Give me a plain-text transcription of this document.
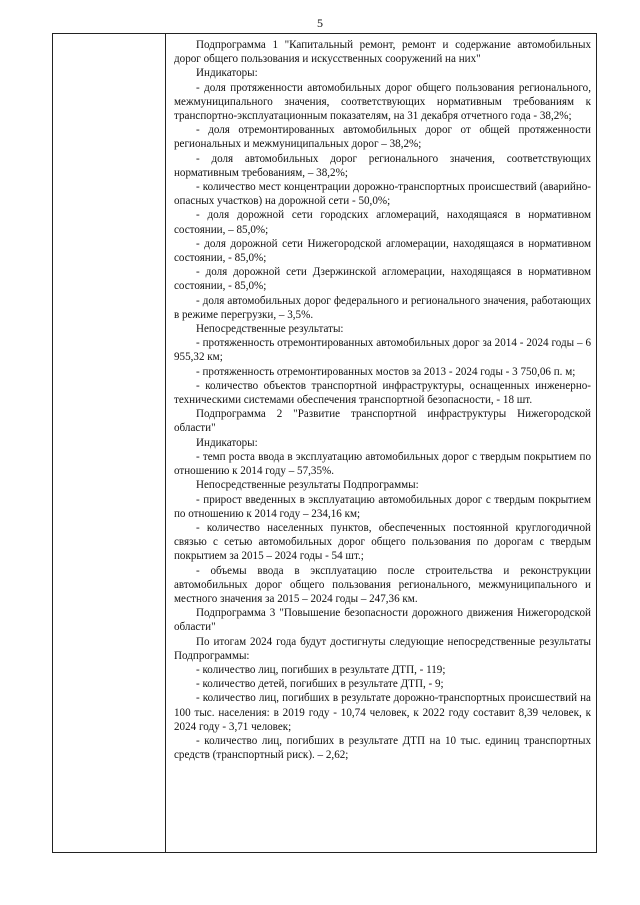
5

Подпрограмма 1 "Капитальный ремонт, ремонт и содержание автомобильных дорог общего пользования и искусственных сооружений на них"

Индикаторы:

- доля протяженности автомобильных дорог общего пользования регионального, межмуниципального значения, соответствующих нормативным требованиям к транспортно-эксплуатационным показателям, на 31 декабря отчетного года - 38,2%;

- доля отремонтированных автомобильных дорог от общей протяженности региональных и межмуниципальных дорог – 38,2%;

- доля автомобильных дорог регионального значения, соответствующих нормативным требованиям, – 38,2%;

- количество мест концентрации дорожно-транспортных происшествий (аварийно-опасных участков) на дорожной сети - 50,0%;

- доля дорожной сети городских агломераций, находящаяся в нормативном состоянии, – 85,0%;

- доля дорожной сети Нижегородской агломерации, находящаяся в нормативном состоянии, - 85,0%;

- доля дорожной сети Дзержинской агломерации, находящаяся в нормативном состоянии, - 85,0%;

- доля автомобильных дорог федерального и регионального значения, работающих в режиме перегрузки, – 3,5%.

Непосредственные результаты:

- протяженность отремонтированных автомобильных дорог за 2014 - 2024 годы – 6 955,32 км;

- протяженность отремонтированных мостов за 2013 - 2024 годы - 3 750,06 п. м;

- количество объектов транспортной инфраструктуры, оснащенных инженерно-техническими системами обеспечения транспортной безопасности, - 18 шт.

Подпрограмма 2 "Развитие транспортной инфраструктуры Нижегородской области"

Индикаторы:

- темп роста ввода в эксплуатацию автомобильных дорог с твердым покрытием по отношению к 2014 году – 57,35%.

Непосредственные результаты Подпрограммы:

- прирост введенных в эксплуатацию автомобильных дорог с твердым покрытием по отношению к 2014 году – 234,16 км;

- количество населенных пунктов, обеспеченных постоянной круглогодичной связью с сетью автомобильных дорог общего пользования по дорогам с твердым покрытием за 2015 – 2024 годы - 54 шт.;

- объемы ввода в эксплуатацию после строительства и реконструкции автомобильных дорог общего пользования регионального, межмуниципального и местного значения за 2015 – 2024 годы – 247,36 км.

Подпрограмма 3 "Повышение безопасности дорожного движения Нижегородской области"

По итогам 2024 года будут достигнуты следующие непосредственные результаты Подпрограммы:

- количество лиц, погибших в результате ДТП, - 119;

- количество детей, погибших в результате ДТП, - 9;

- количество лиц, погибших в результате дорожно-транспортных происшествий на 100 тыс. населения: в 2019 году - 10,74 человек, к 2022 году составит 8,39 человек, к 2024 году - 3,71 человек;

- количество лиц, погибших в результате ДТП на 10 тыс. единиц транспортных средств (транспортный риск). – 2,62;
